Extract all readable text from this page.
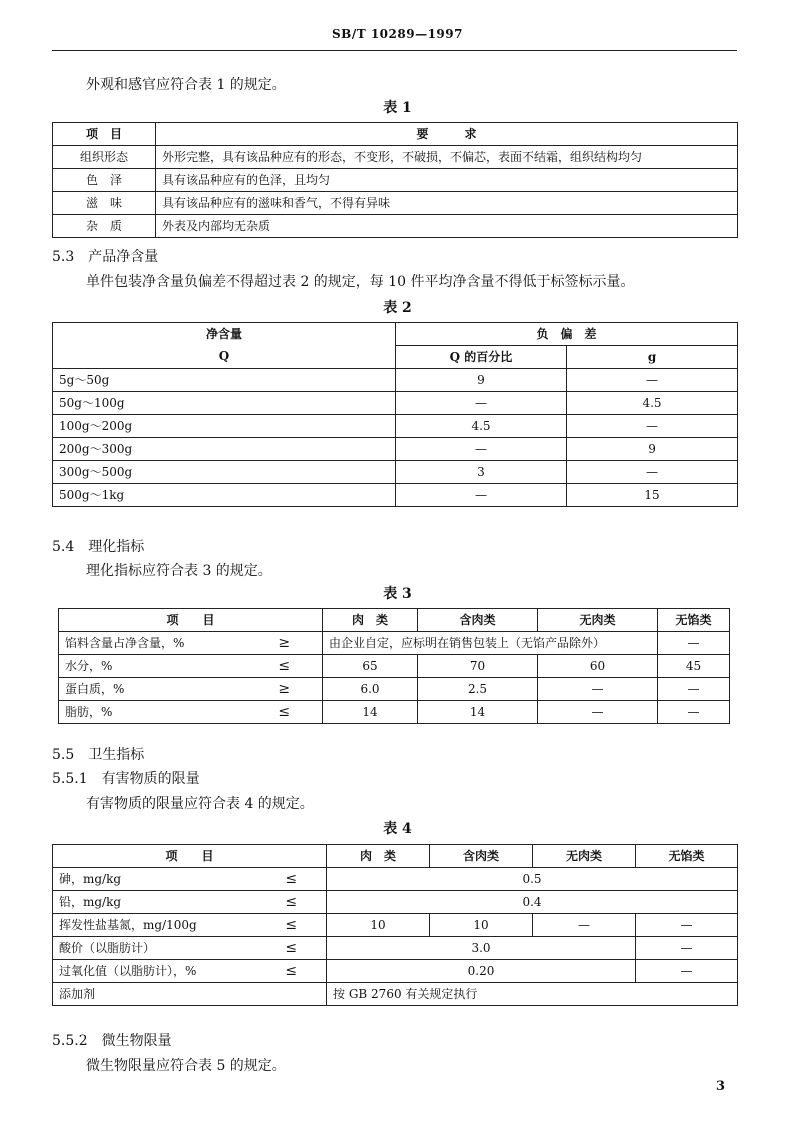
SB/T 10289—1997
外观和感官应符合表 1 的规定。
表 1
项　目	要　　　求
组织形态	外形完整，具有该品种应有的形态，不变形，不破损，不偏芯，表面不结霜，组织结构均匀
色　泽	具有该品种应有的色泽，且均匀
滋　味	具有该品种应有的滋味和香气，不得有异味
杂　质	外表及内部均无杂质
5.3　产品净含量
单件包装净含量负偏差不得超过表 2 的规定，每 10 件平均净含量不得低于标签标示量。
表 2
净含量	负　偏　差	
Q	Q 的百分比	g
5g～50g	9	—
50g～100g	—	4.5
100g～200g	4.5	—
200g～300g	—	9
300g～500g	3	—
500g～1kg	—	15
5.4　理化指标
理化指标应符合表 3 的规定。
表 3
项　　目		肉　类	含肉类	无肉类	无馅类
馅料含量占净含量，%	≥	由企业自定，应标明在销售包装上（无馅产品除外）			—
水分，%	≤	65	70	60	45
蛋白质，%	≥	6.0	2.5	—	—
脂肪，%	≤	14	14	—	—
5.5　卫生指标
5.5.1　有害物质的限量
有害物质的限量应符合表 4 的规定。
表 4
项　　目		肉　类	含肉类	无肉类	无馅类
砷，mg/kg	≤	0.5			
铅，mg/kg	≤	0.4			
挥发性盐基氮，mg/100g	≤	10	10	—	—
酸价（以脂肪计）	≤	3.0			—
过氧化值（以脂肪计），%	≤	0.20			—
添加剂		按 GB 2760 有关规定执行			
5.5.2　微生物限量
微生物限量应符合表 5 的规定。
3
